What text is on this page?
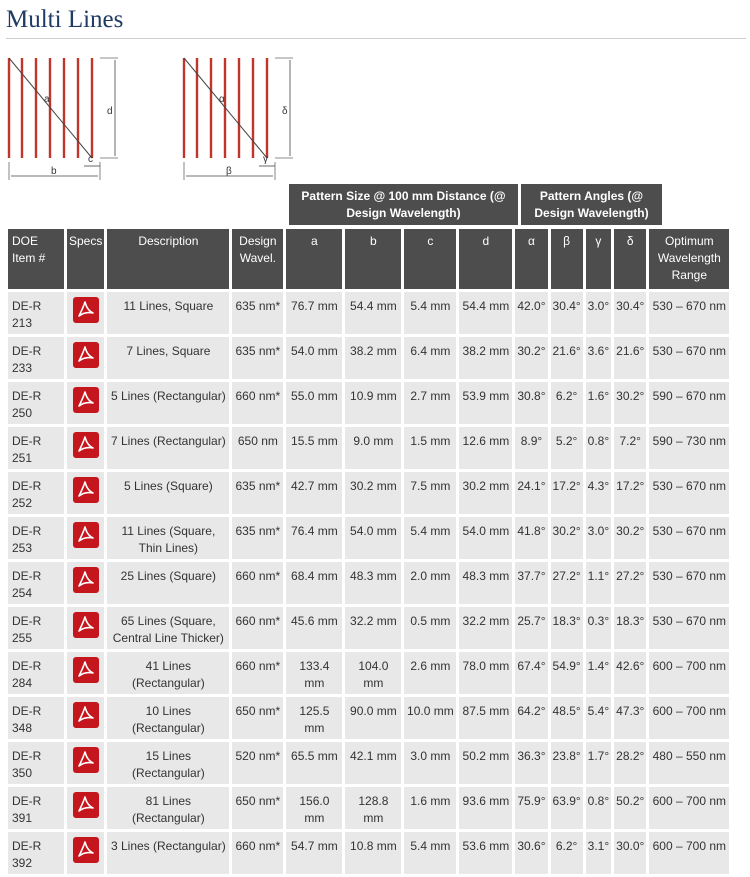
Multi Lines
a
d
c
b
α
δ
γ
β
Pattern Size @ 100 mm Distance (@ Design Wavelength)
Pattern Angles (@ Design Wavelength)
DOE Item #	Specs	Description	Design Wavel.	a	b	c	d	α	β	γ	δ	Optimum Wavelength Range
DE-R 213		11 Lines, Square	635 nm*	76.7 mm	54.4 mm	5.4 mm	54.4 mm	42.0°	30.4°	3.0°	30.4°	530 – 670 nm
DE-R 233		7 Lines, Square	635 nm*	54.0 mm	38.2 mm	6.4 mm	38.2 mm	30.2°	21.6°	3.6°	21.6°	530 – 670 nm
DE-R 250		5 Lines (Rectangular)	660 nm*	55.0 mm	10.9 mm	2.7 mm	53.9 mm	30.8°	6.2°	1.6°	30.2°	590 – 670 nm
DE-R 251		7 Lines (Rectangular)	650 nm	15.5 mm	9.0 mm	1.5 mm	12.6 mm	8.9°	5.2°	0.8°	7.2°	590 – 730 nm
DE-R 252		5 Lines (Square)	635 nm*	42.7 mm	30.2 mm	7.5 mm	30.2 mm	24.1°	17.2°	4.3°	17.2°	530 – 670 nm
DE-R 253		11 Lines (Square, Thin Lines)	635 nm*	76.4 mm	54.0 mm	5.4 mm	54.0 mm	41.8°	30.2°	3.0°	30.2°	530 – 670 nm
DE-R 254		25 Lines (Square)	660 nm*	68.4 mm	48.3 mm	2.0 mm	48.3 mm	37.7°	27.2°	1.1°	27.2°	530 – 670 nm
DE-R 255		65 Lines (Square, Central Line Thicker)	660 nm*	45.6 mm	32.2 mm	0.5 mm	32.2 mm	25.7°	18.3°	0.3°	18.3°	530 – 670 nm
DE-R 284		41 Lines (Rectangular)	660 nm*	133.4 mm	104.0 mm	2.6 mm	78.0 mm	67.4°	54.9°	1.4°	42.6°	600 – 700 nm
DE-R 348		10 Lines (Rectangular)	650 nm*	125.5 mm	90.0 mm	10.0 mm	87.5 mm	64.2°	48.5°	5.4°	47.3°	600 – 700 nm
DE-R 350		15 Lines (Rectangular)	520 nm*	65.5 mm	42.1 mm	3.0 mm	50.2 mm	36.3°	23.8°	1.7°	28.2°	480 – 550 nm
DE-R 391		81 Lines (Rectangular)	650 nm*	156.0 mm	128.8 mm	1.6 mm	93.6 mm	75.9°	63.9°	0.8°	50.2°	600 – 700 nm
DE-R 392		3 Lines (Rectangular)	660 nm*	54.7 mm	10.8 mm	5.4 mm	53.6 mm	30.6°	6.2°	3.1°	30.0°	600 – 700 nm
